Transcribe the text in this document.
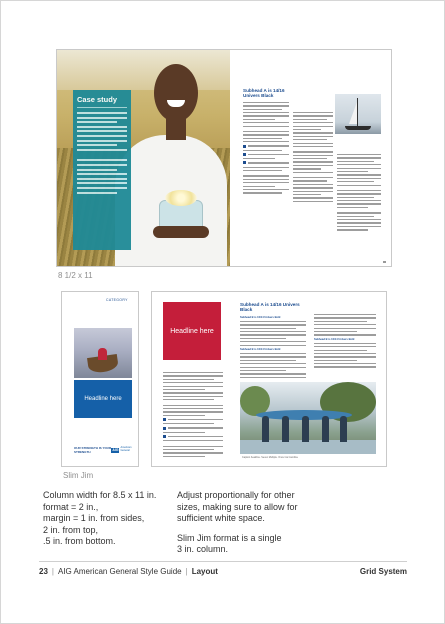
Case study
Subhead A is 14/16 Univers Black
8 1/2 x 11
CATEGORY
Headline here
OUR STRENGTH IS YOUR STRENGTH	AIG
American General
Slim Jim
Headline here
Subhead A is 14/16 Univers Black
Subhead B is 10/14 Univers Bold
Subhead B is 10/14 Univers Bold
Subhead B is 10/14 Univers Bold
Caption headline. Seven Multiple. Once Ina Carolina.
Column width for 8.5 x 11 in.
format = 2 in.,
margin = 1 in. from sides,
2 in. from top,
.5 in. from bottom.
Adjust proportionally for other
sizes, making sure to allow for
sufficient white space.
Slim Jim format is a single
3 in. column.
23 | AIG American General Style Guide | Layout	Grid System
